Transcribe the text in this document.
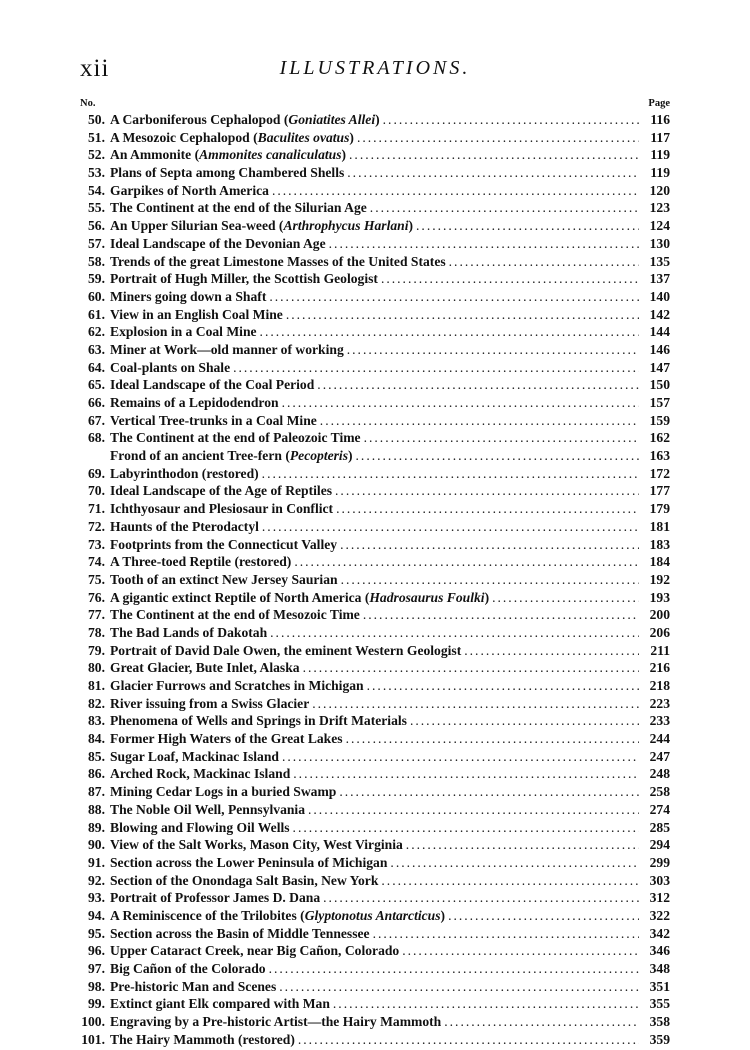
xii	ILLUSTRATIONS.
No.	Page
50. A Carboniferous Cephalopod (Goniatites Allei) .....	116
51. A Mesozoic Cephalopod (Baculites ovatus) .....	117
52. An Ammonite (Ammonites canaliculatus) .....	119
53. Plans of Septa among Chambered Shells .....	119
54. Garpikes of North America .....	120
55. The Continent at the end of the Silurian Age .....	123
56. An Upper Silurian Sea-weed (Arthrophycus Harlani) .....	124
57. Ideal Landscape of the Devonian Age .....	130
58. Trends of the great Limestone Masses of the United States .....	135
59. Portrait of Hugh Miller, the Scottish Geologist .....	137
60. Miners going down a Shaft .....	140
61. View in an English Coal Mine .....	142
62. Explosion in a Coal Mine .....	144
63. Miner at Work—old manner of working .....	146
64. Coal-plants on Shale .....	147
65. Ideal Landscape of the Coal Period .....	150
66. Remains of a Lepidodendron .....	157
67. Vertical Tree-trunks in a Coal Mine .....	159
68. The Continent at the end of Paleozoic Time .....	162
Frond of an ancient Tree-fern (Pecopteris) .....	163
69. Labyrinthodon (restored) .....	172
70. Ideal Landscape of the Age of Reptiles .....	177
71. Ichthyosaur and Plesiosaur in Conflict .....	179
72. Haunts of the Pterodactyl .....	181
73. Footprints from the Connecticut Valley .....	183
74. A Three-toed Reptile (restored) .....	184
75. Tooth of an extinct New Jersey Saurian .....	192
76. A gigantic extinct Reptile of North America (Hadrosaurus Foulki) .....	193
77. The Continent at the end of Mesozoic Time .....	200
78. The Bad Lands of Dakotah .....	206
79. Portrait of David Dale Owen, the eminent Western Geologist .....	211
80. Great Glacier, Bute Inlet, Alaska .....	216
81. Glacier Furrows and Scratches in Michigan .....	218
82. River issuing from a Swiss Glacier .....	223
83. Phenomena of Wells and Springs in Drift Materials .....	233
84. Former High Waters of the Great Lakes .....	244
85. Sugar Loaf, Mackinac Island .....	247
86. Arched Rock, Mackinac Island .....	248
87. Mining Cedar Logs in a buried Swamp .....	258
88. The Noble Oil Well, Pennsylvania .....	274
89. Blowing and Flowing Oil Wells .....	285
90. View of the Salt Works, Mason City, West Virginia .....	294
91. Section across the Lower Peninsula of Michigan .....	299
92. Section of the Onondaga Salt Basin, New York .....	303
93. Portrait of Professor James D. Dana .....	312
94. A Reminiscence of the Trilobites (Glyptonotus Antarcticus) .....	322
95. Section across the Basin of Middle Tennessee .....	342
96. Upper Cataract Creek, near Big Cañon, Colorado .....	346
97. Big Cañon of the Colorado .....	348
98. Pre-historic Man and Scenes .....	351
99. Extinct giant Elk compared with Man .....	355
100. Engraving by a Pre-historic Artist—the Hairy Mammoth .....	358
101. The Hairy Mammoth (restored) .....	359
